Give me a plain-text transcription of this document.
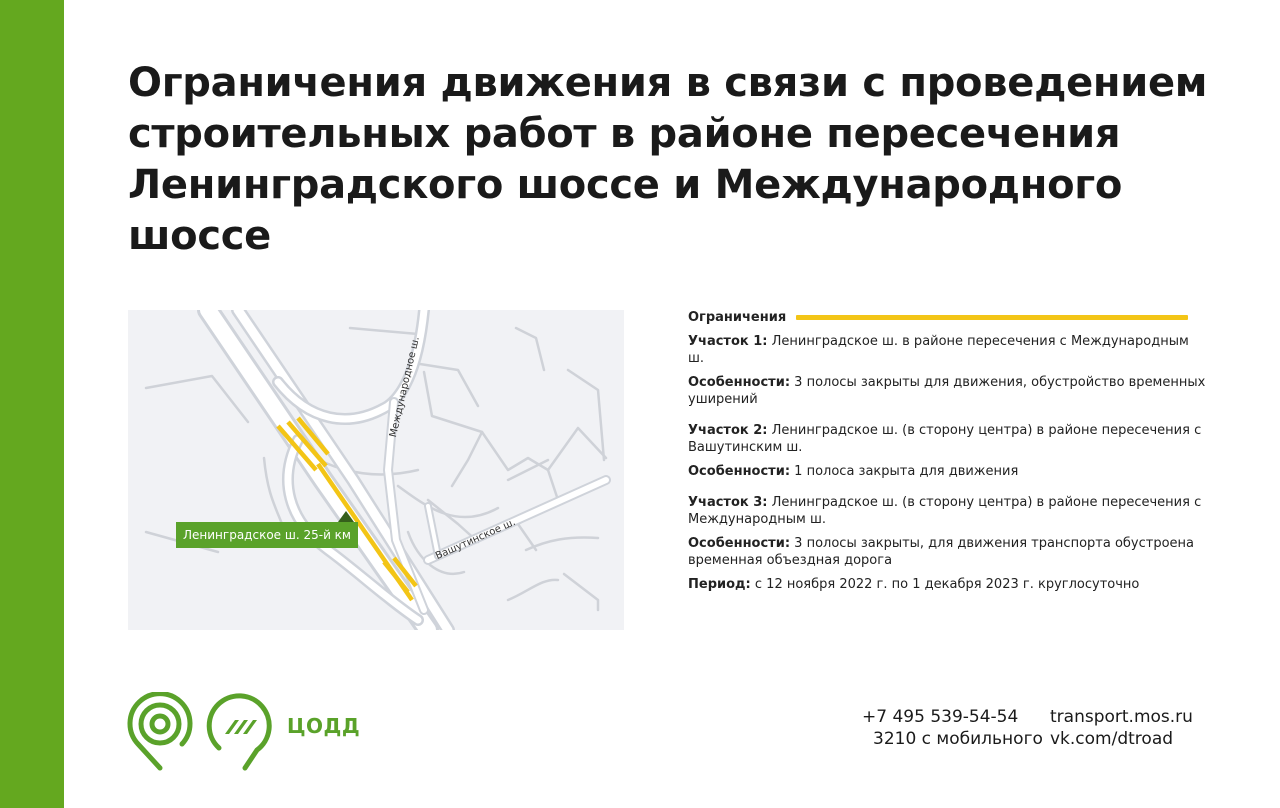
Ограничения движения в связи с проведением строительных работ в районе пересечения Ленинградского шоссе и Международного шоссе
Международное ш.
Вашутинское ш.
Ленинградское ш. 25-й км
Ограничения
Участок 1: Ленинградское ш. в районе пересечения с Международным ш.
Особенности: 3 полосы закрыты для движения, обустройство временных уширений
Участок 2: Ленинградское ш. (в сторону центра) в районе пересечения с Вашутинским ш.
Особенности: 1 полоса закрыта для движения
Участок 3: Ленинградское ш. (в сторону центра) в районе пересечения с Международным ш.
Особенности: 3 полосы закрыты, для движения транспорта обустроена временная объездная дорога
Период: с 12 ноября 2022 г. по 1 декабря 2023 г. круглосуточно
ЦОДД	+7 495 539-54-54
3210 с мобильного
transport.mos.ru
vk.com/dtroad
